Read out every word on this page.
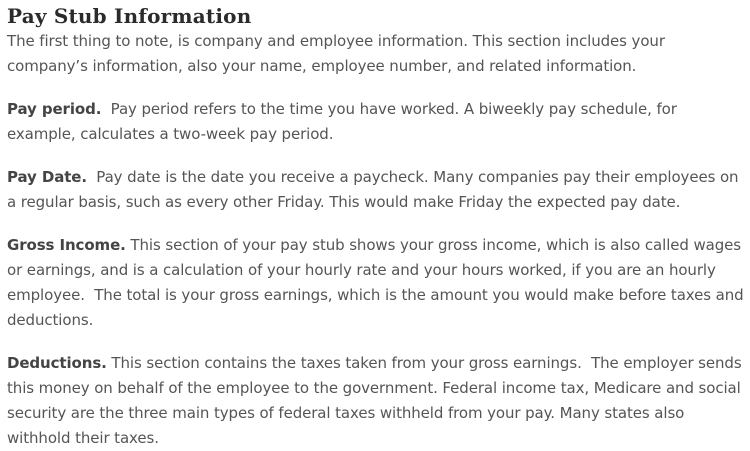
Pay Stub Information

The first thing to note, is company and employee information. This section includes your company’s information, also your name, employee number, and related information.

Pay period.  Pay period refers to the time you have worked. A biweekly pay schedule, for example, calculates a two-week pay period.

Pay Date.  Pay date is the date you receive a paycheck. Many companies pay their employees on a regular basis, such as every other Friday. This would make Friday the expected pay date.

Gross Income. This section of your pay stub shows your gross income, which is also called wages or earnings, and is a calculation of your hourly rate and your hours worked, if you are an hourly employee.  The total is your gross earnings, which is the amount you would make before taxes and deductions.

Deductions. This section contains the taxes taken from your gross earnings.  The employer sends this money on behalf of the employee to the government. Federal income tax, Medicare and social security are the three main types of federal taxes withheld from your pay. Many states also withhold their taxes.
